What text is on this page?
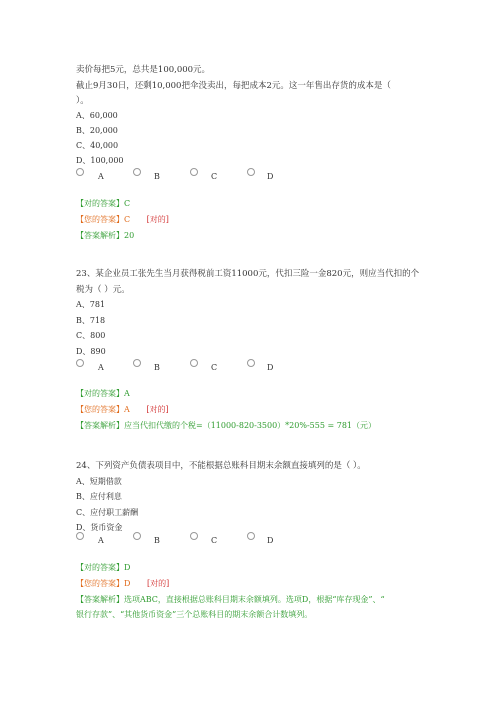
卖价每把5元，总共是100,000元。
截止9月30日，还剩10,000把伞没卖出，每把成本2元。这一年售出存货的成本是（
）。
A、60,000
B、20,000
C、40,000
D、100,000
A	B	C	D
【对的答案】C
【您的答案】C [对的]
【答案解析】20
23、某企业员工张先生当月获得税前工资11000元，代扣三险一金820元，则应当代扣的个
税为（ ）元。
A、781
B、718
C、800
D、890
A	B	C	D
【对的答案】A
【您的答案】A [对的]
【答案解析】应当代扣代缴的个税=（11000-820-3500）*20%-555 = 781（元）
24、下列资产负债表项目中，不能根据总账科目期末余额直接填列的是（ ）。
A、短期借款
B、应付利息
C、应付职工薪酬
D、货币资金
A	B	C	D
【对的答案】D
【您的答案】D [对的]
【答案解析】选项ABC，直接根据总账科目期末余额填列。选项D，根据“库存现金”、“
银行存款”、“其他货币资金”三个总账科目的期末余额合计数填列。
